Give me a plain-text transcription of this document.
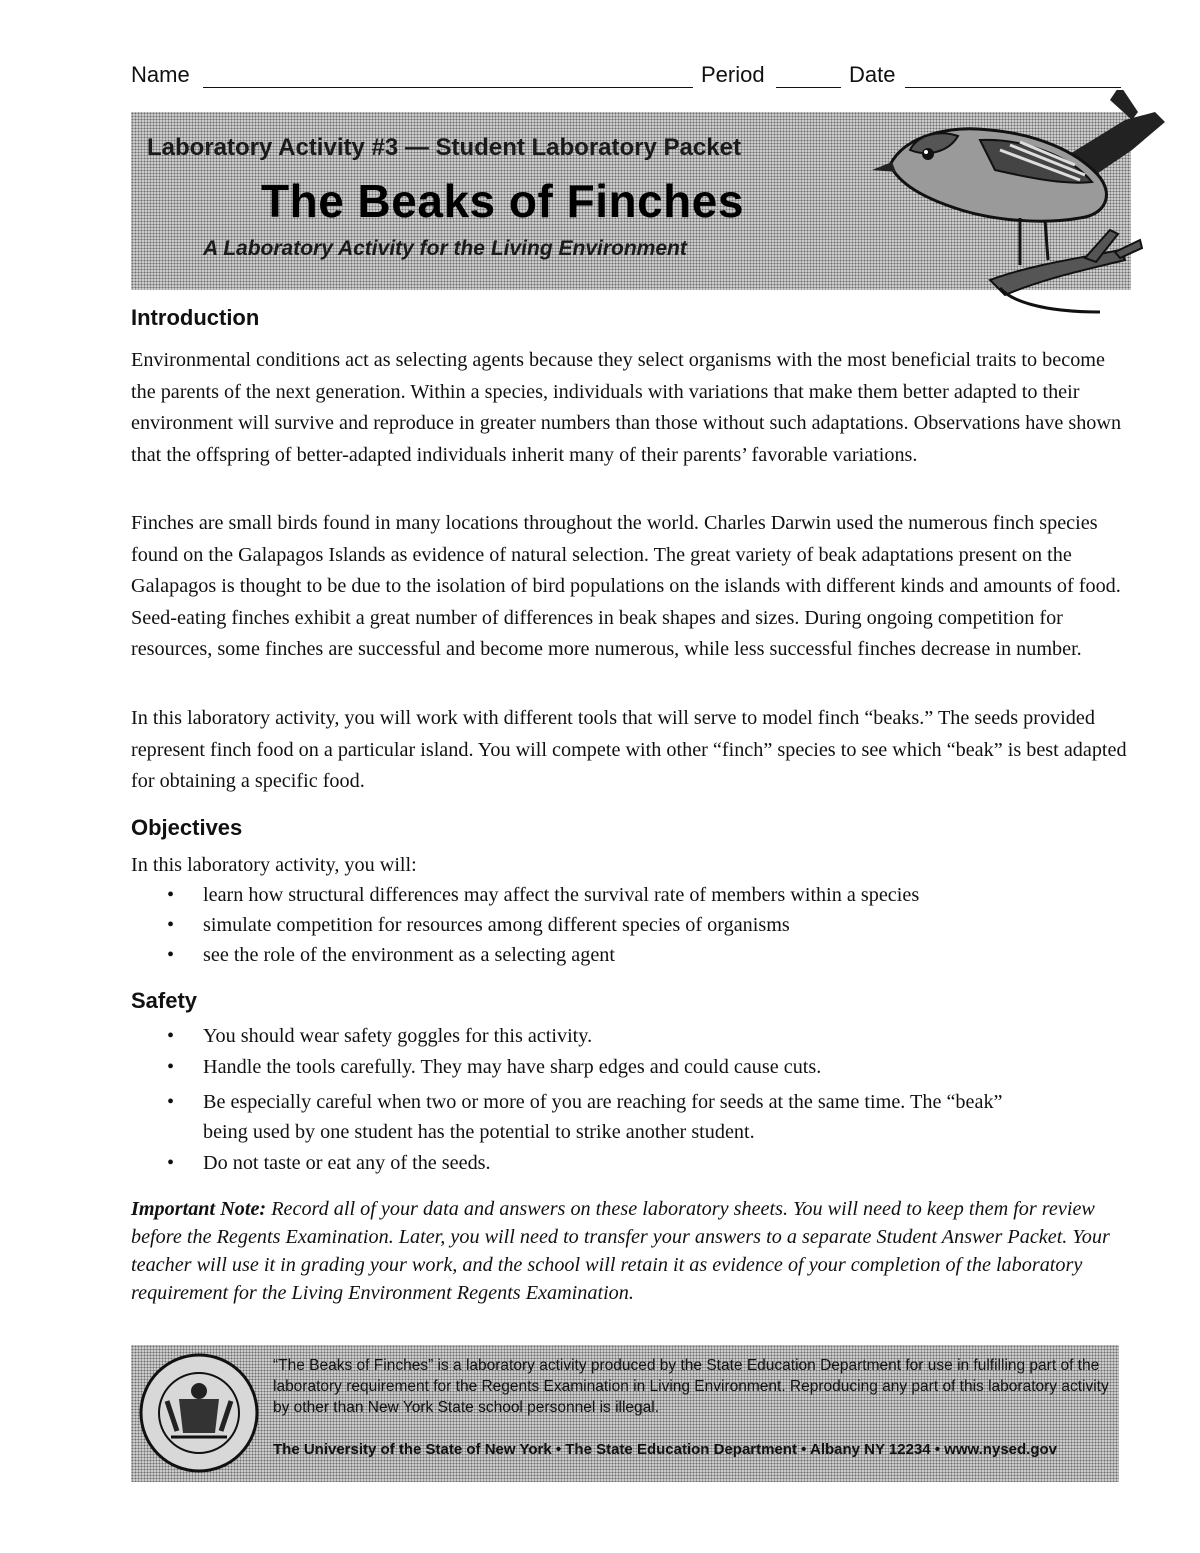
Name	Period	Date
Laboratory Activity #3 — Student Laboratory Packet
The Beaks of Finches
A Laboratory Activity for the Living Environment
Introduction

Environmental conditions act as selecting agents because they select organisms with the most beneficial traits to become the parents of the next generation. Within a species, individuals with variations that make them better adapted to their environment will survive and reproduce in greater numbers than those without such adaptations. Observations have shown that the offspring of better-adapted individuals inherit many of their parents’ favorable variations.

Finches are small birds found in many locations throughout the world. Charles Darwin used the numerous finch species found on the Galapagos Islands as evidence of natural selection. The great variety of beak adaptations present on the Galapagos is thought to be due to the isolation of bird populations on the islands with different kinds and amounts of food. Seed-eating finches exhibit a great number of differences in beak shapes and sizes. During ongoing competition for resources, some finches are successful and become more numerous, while less successful finches decrease in number.

In this laboratory activity, you will work with different tools that will serve to model finch “beaks.” The seeds provided represent finch food on a particular island. You will compete with other “finch” species to see which “beak” is best adapted for obtaining a specific food.

Objectives

In this laboratory activity, you will:

• learn how structural differences may affect the survival rate of members within a species
• simulate competition for resources among different species of organisms
• see the role of the environment as a selecting agent
Safety
• You should wear safety goggles for this activity.
• Handle the tools carefully. They may have sharp edges and could cause cuts.
• Be especially careful when two or more of you are reaching for seeds at the same time. The “beak” being used by one student has the potential to strike another student.
• Do not taste or eat any of the seeds.

Important Note: Record all of your data and answers on these laboratory sheets. You will need to keep them for review before the Regents Examination. Later, you will need to transfer your answers to a separate Student Answer Packet. Your teacher will use it in grading your work, and the school will retain it as evidence of your completion of the laboratory requirement for the Living Environment Regents Examination.

“The Beaks of Finches” is a laboratory activity produced by the State Education Department for use in fulfilling part of the laboratory requirement for the Regents Examination in Living Environment. Reproducing any part of this laboratory activity by other than New York State school personnel is illegal.
The University of the State of New York • The State Education Department • Albany NY 12234 • www.nysed.gov
